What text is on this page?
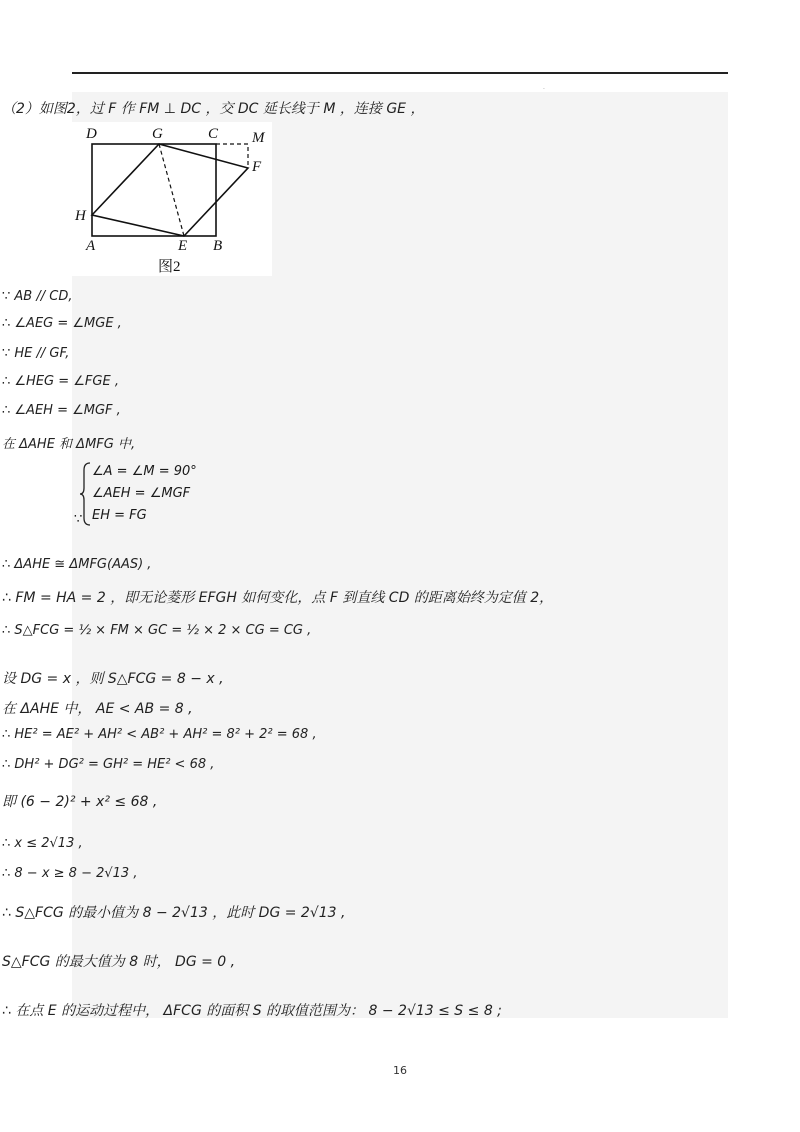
.
（2）如图2，过 F 作 FM ⊥ DC ，交 DC 延长线于 M ，连接 GE ，
D	G	C M
F
H
A	E B
图2
∵ AB // CD,
∴ ∠AEG = ∠MGE ,
∵ HE // GF,
∴ ∠HEG = ∠FGE ,
∴ ∠AEH = ∠MGF ,
在 ΔAHE 和 ΔMFG 中,
∠A = ∠M = 90°
∠AEH = ∠MGF
EH = FG
∵
∴ ΔAHE ≅ ΔMFG(AAS) ,
∴ FM = HA = 2 ，即无论菱形 EFGH 如何变化，点 F 到直线 CD 的距离始终为定值 2，
∴ S△FCG = ½ × FM × GC = ½ × 2 × CG = CG ,
设 DG = x ，则 S△FCG = 8 − x ,
在 ΔAHE 中， AE < AB = 8 ,
∴ HE² = AE² + AH² < AB² + AH² = 8² + 2² = 68 ,
∴ DH² + DG² = GH² = HE² < 68 ,
即 (6 − 2)² + x² ≤ 68 ,
∴ x ≤ 2√13 ,
∴ 8 − x ≥ 8 − 2√13 ,
∴ S△FCG 的最小值为 8 − 2√13 ，此时 DG = 2√13 ,
S△FCG 的最大值为 8 时， DG = 0 ,
∴ 在点 E 的运动过程中， ΔFCG 的面积 S 的取值范围为： 8 − 2√13 ≤ S ≤ 8 ;
16
